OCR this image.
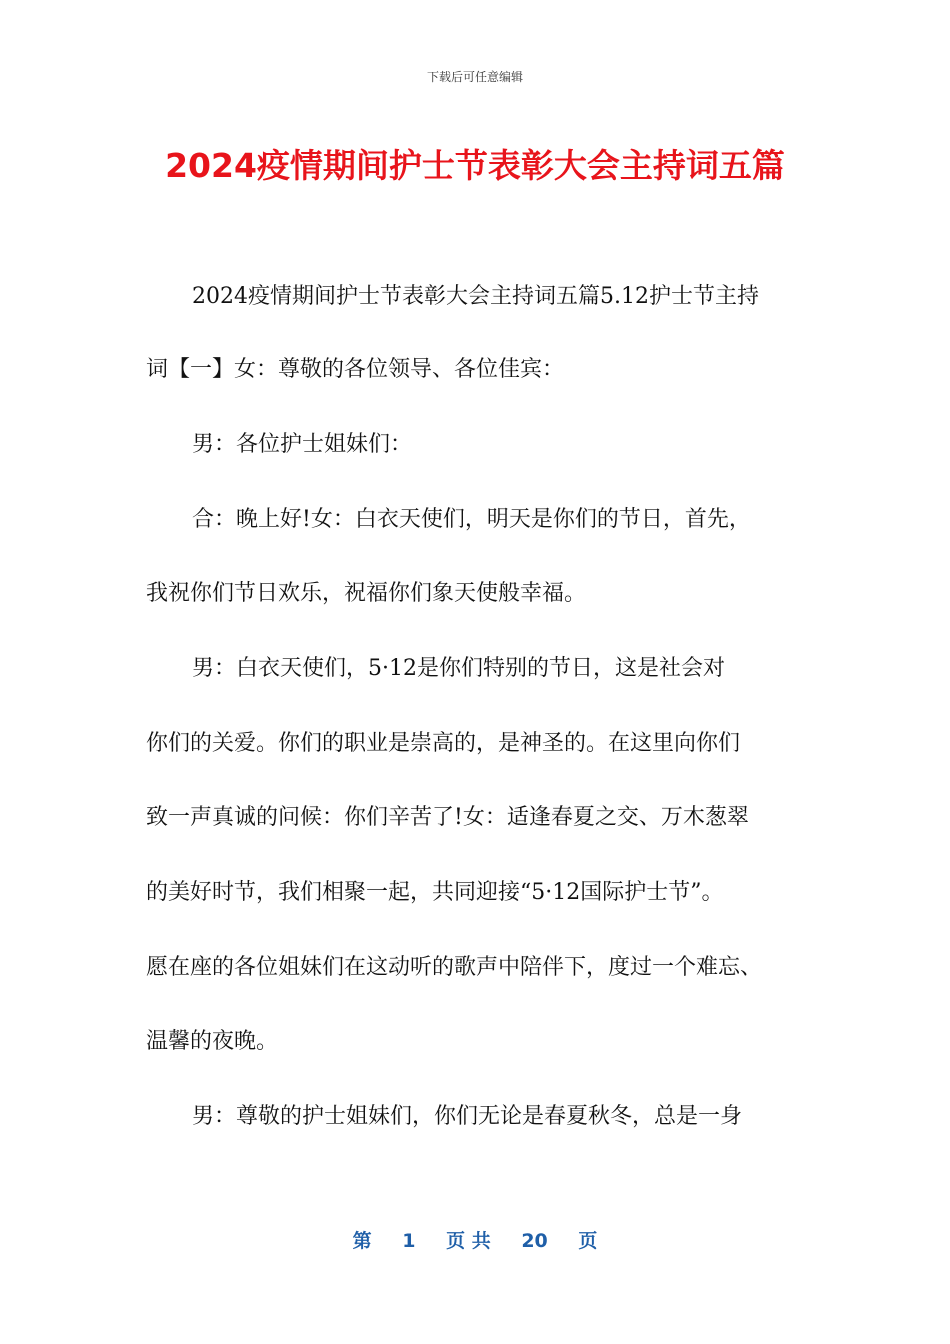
下载后可任意编辑
2024疫情期间护士节表彰大会主持词五篇
2024疫情期间护士节表彰大会主持词五篇5.12护士节主持
词【一】女：尊敬的各位领导、各位佳宾：
男：各位护士姐妹们：
合：晚上好!女：白衣天使们，明天是你们的节日，首先，
我祝你们节日欢乐，祝福你们象天使般幸福。
男：白衣天使们，5·12是你们特别的节日，这是社会对
你们的关爱。你们的职业是崇高的，是神圣的。在这里向你们
致一声真诚的问候：你们辛苦了!女：适逢春夏之交、万木葱翠
的美好时节，我们相聚一起，共同迎接“5·12国际护士节”。
愿在座的各位姐妹们在这动听的歌声中陪伴下，度过一个难忘、
温馨的夜晚。
男：尊敬的护士姐妹们，你们无论是春夏秋冬，总是一身
第 1 页 共 20 页
